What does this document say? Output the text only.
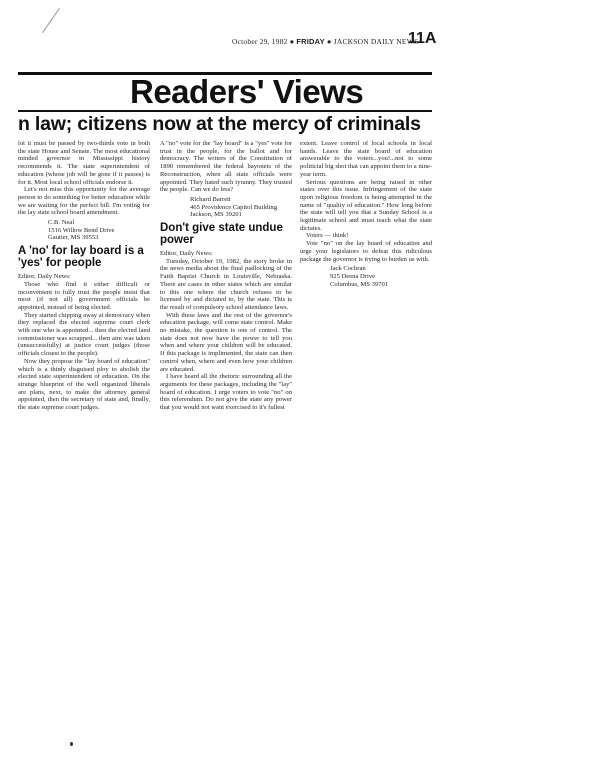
October 29, 1982 ● FRIDAY ● JACKSON DAILY NEWS
11A
Readers' Views
n law; citizens now at the mercy of criminals

lot it must be passed by two-thirds vote in both the state House and Senate. The most educational minded governor in Mississippi history recommends it. The state superintendent of education (whose job will be gone if it passes) is for it. Most local school officials endorse it.

Let's not miss this opportunity for the average person to do something for better education while we are waiting for the perfect bill. I'm voting for the lay state school board amendment.

C.B. Neal
1516 Willow Bend Drive
Gautier, MS 39553
A 'no' for lay board is a 'yes' for people

Editor, Daily News:

Those who find it either difficult or inconvenient to fully trust the people insist that most (if not all) government officials be appointed, instead of being elected.

They started chipping away at democracy when they replaced the elected supreme court clerk with one who is appointed... then the elected land commissioner was scrapped... then aim was taken (unsuccessfully) at justice court judges (those officials closest to the people).

Now they propose the "lay board of education" which is a thinly disguised ploy to abolish the elected state superintendent of education. On the strange blueprint of the well organized liberals are plans, next, to make the attorney general appointed, then the secretary of state and, finally, the state supreme court judges.

A "no" vote for the "lay board" is a "yes" vote for trust in the people, for the ballot and for democracy. The writers of the Constitution of 1890 remembered the federal bayonets of the Reconstruction, when all state officials were appointed. They hated such tyranny. They trusted the people. Can we do less?

Richard Barrett
465 Providence Capitol Building
Jackson, MS 39201
Don't give state undue power

Editor, Daily News:

Tuesday, October 19, 1982, the story broke in the news media about the final padlocking of the Faith Baptist Church in Louisville, Nebraska. There are cases in other states which are similar to this one where the church refuses to be licensed by and dictated to, by the state. This is the result of compulsory school attendance laws.

With these laws and the rest of the governor's education package, will come state control. Make no mistake, the question is one of control. The state does not now have the power to tell you when and where your children will be educated. If this package is implimented, the state can then control when, where and even how your children are educated.

I have heard all the rhetoric surrounding all the arguments for these packages, including the "lay" board of education. I urge voters to vote "no" on this referendum. Do not give the state any power that you would not want exercised to it's fullest

extent. Leave control of local schools in local hands. Leave the state board of education answerable to the voters...you!...not to some politicial big shot that can appoint them to a nine-year term.

Serious questions are being raised in other states over this issue. Infringement of the state upon religious freedom is being attempted in the name of "quality of education." How long before the state will tell you that a Sunday School is a legitimate school and must teach what the state dictates.

Voters — think!

Vote "no" on the lay board of education and urge your legislators to defeat this ridiculous package the governor is trying to burden us with.

Jack Cochran
925 Deena Drive
Columbus, MS 39701
